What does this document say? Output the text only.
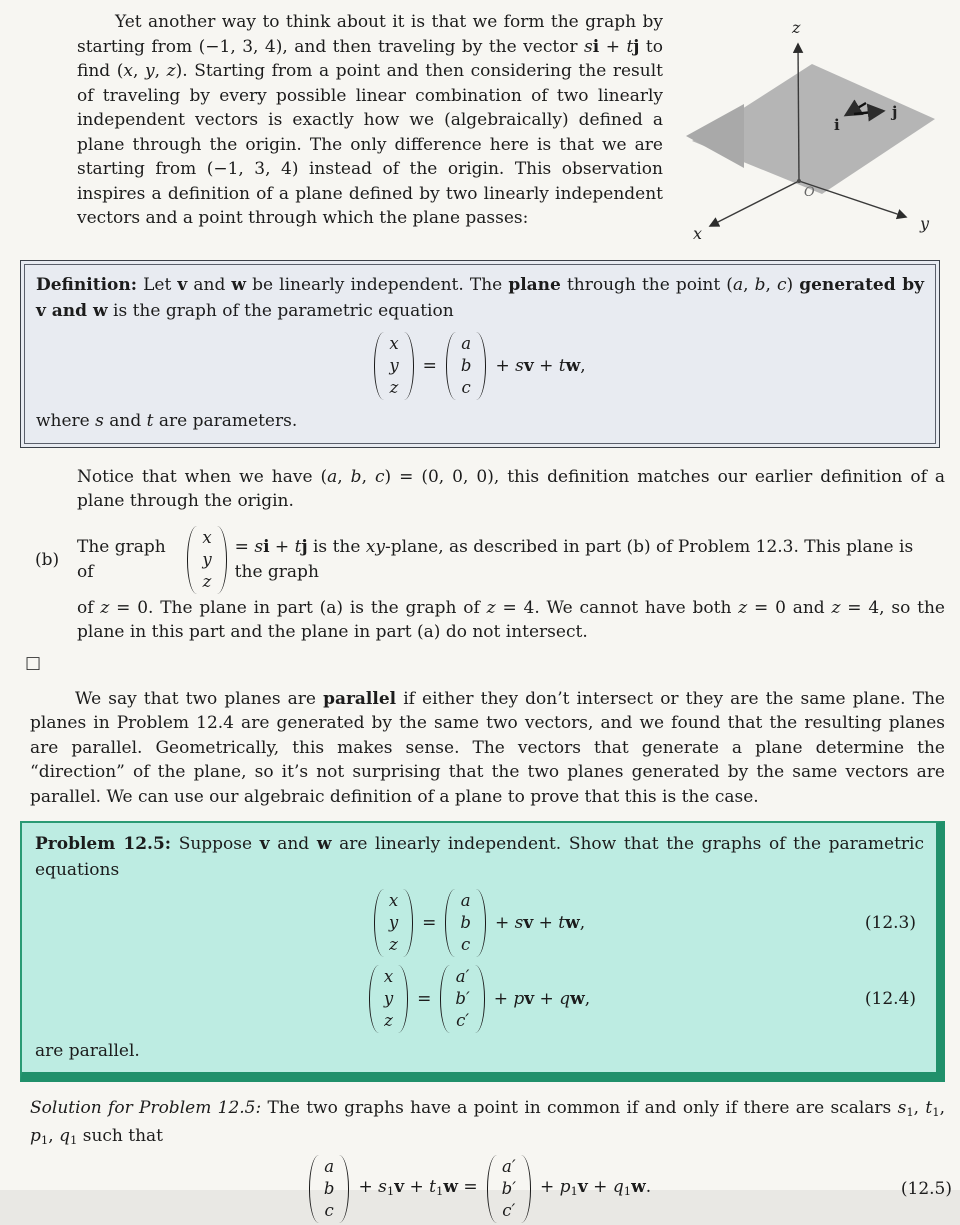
Yet another way to think about it is that we form the graph by starting from (−1, 3, 4), and then traveling by the vector si + tj to find (x, y, z). Starting from a point and then considering the result of traveling by every possible linear combination of two linearly independent vectors is exactly how we (algebraically) defined a plane through the origin. The only difference here is that we are starting from (−1, 3, 4) instead of the origin. This observation inspires a definition of a plane defined by two linearly independent vectors and a point through which the plane passes:

z
x
y
O
i
j

Definition: Let v and w be linearly independent. The plane through the point (a, b, c) generated by v and w is the graph of the parametric equation

x
y
z
=
a
b
c
+ sv + tw,

where s and t are parameters.

Notice that when we have (a, b, c) = (0, 0, 0), this definition matches our earlier definition of a plane through the origin.

(b)
The graph of
x
y
z
= si + tj is the xy-plane, as described in part (b) of Problem 12.3. This plane is the graph

of z = 0. The plane in part (a) is the graph of z = 4. We cannot have both z = 0 and z = 4, so the plane in this part and the plane in part (a) do not intersect.

□

We say that two planes are parallel if either they don’t intersect or they are the same plane. The planes in Problem 12.4 are generated by the same two vectors, and we found that the resulting planes are parallel. Geometrically, this makes sense. The vectors that generate a plane determine the “direction” of the plane, so it’s not surprising that the two planes generated by the same vectors are parallel. We can use our algebraic definition of a plane to prove that this is the case.

Problem 12.5: Suppose v and w are linearly independent. Show that the graphs of the parametric equations

x
y
z
=
a
b
c
+ sv + tw,	(12.3)
x
y
z
=
a′
b′
c′
+ pv + qw,	(12.4)

are parallel.

Solution for Problem 12.5: The two graphs have a point in common if and only if there are scalars s1, t1, p1, q1 such that

a
b
c
+ s1v + t1w =
a′
b′
c′
+ p1v + q1w.	(12.5)
